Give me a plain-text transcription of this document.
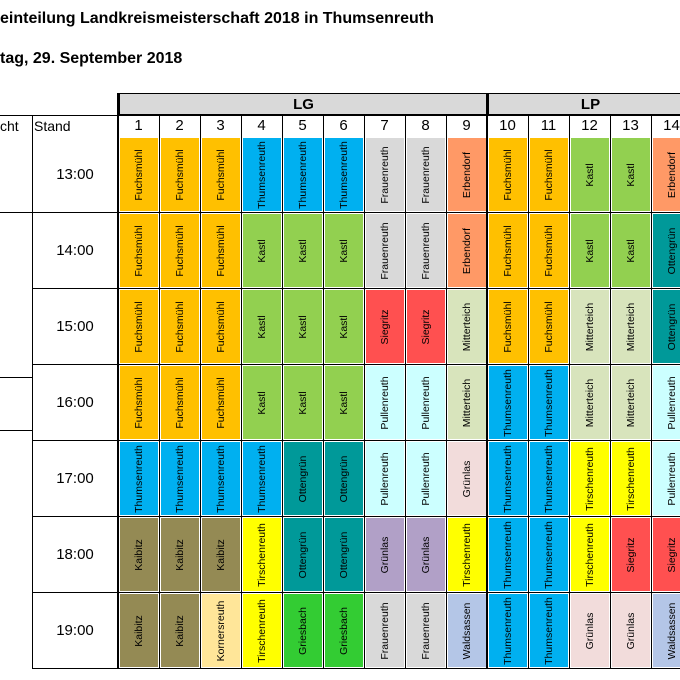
einteilung Landkreismeisterschaft 2018 in Thumsenreuth
tag, 29. September 2018
LG	LP
cht	Stand	1	2	3	4	5	6	7	8	9	10	11	12	13	14
13:00	Fuchsmühl	Fuchsmühl	Fuchsmühl	Thumsenreuth	Thumsenreuth	Thumsenreuth	Frauenreuth	Frauenreuth	Erbendorf	Fuchsmühl	Fuchsmühl	Kastl	Kastl	Erbendorf
14:00	Fuchsmühl	Fuchsmühl	Fuchsmühl	Kastl	Kastl	Kastl	Frauenreuth	Frauenreuth	Erbendorf	Fuchsmühl	Fuchsmühl	Kastl	Kastl	Ottengrün
15:00	Fuchsmühl	Fuchsmühl	Fuchsmühl	Kastl	Kastl	Kastl	Siegritz	Siegritz	Mitterteich	Fuchsmühl	Fuchsmühl	Mitterteich	Mitterteich	Ottengrün
16:00	Fuchsmühl	Fuchsmühl	Fuchsmühl	Kastl	Kastl	Kastl	Pullenreuth	Pullenreuth	Mitterteich	Thumsenreuth	Thumsenreuth	Mitterteich	Mitterteich	Pullenreuth
17:00	Thumsenreuth	Thumsenreuth	Thumsenreuth	Thumsenreuth	Ottengrün	Ottengrün	Pullenreuth	Pullenreuth	Grünlas	Thumsenreuth	Thumsenreuth	Tirschenreuth	Tirschenreuth	Pullenreuth
18:00	Kaibitz	Kaibitz	Kaibitz	Tirschenreuth	Ottengrün	Ottengrün	Grünlas	Grünlas	Tirschenreuth	Thumsenreuth	Thumsenreuth	Tirschenreuth	Siegritz	Siegritz
19:00	Kaibitz	Kaibitz	Kornersreuth	Tirschenreuth	Griesbach	Griesbach	Frauenreuth	Frauenreuth	Waldsassen	Thumsenreuth	Thumsenreuth	Grünlas	Grünlas	Waldsassen
